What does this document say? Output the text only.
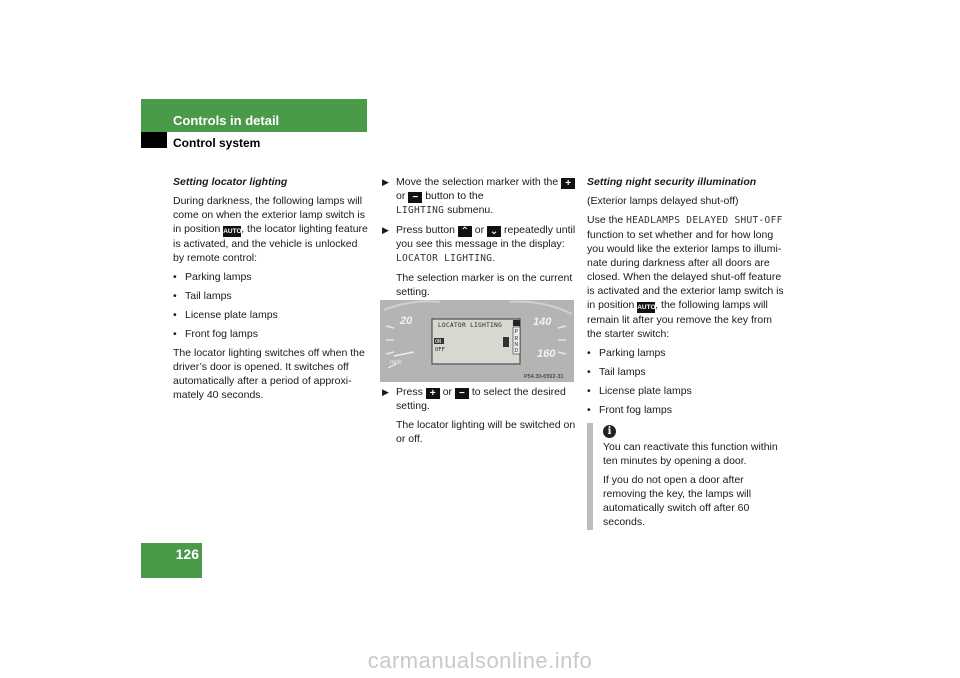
Controls in detail
Control system
126

Setting locator lighting

During darkness, the following lamps will come on when the exterior lamp switch is in position AUTO, the locator lighting feature is activated, and the vehicle is unlocked by remote control:

• Parking lamps
• Tail lamps
• License plate lamps
• Front fog lamps

The locator lighting switches off when the driver’s door is opened. It switches off automatically after a period of approxi-mately 40 seconds.

▶ Move the selection marker with the + or − button to the
LIGHTING submenu.
▶ Press button ⌃ or ⌄ repeatedly until you see this message in the display: LOCATOR LIGHTING.

The selection marker is on the current setting.

20	140
160
mph
LOCATOR LIGHTING
ON
OFF
P
R
N
D
P54.30-6592-31
▶ Press + or − to select the desired setting.

The locator lighting will be switched on or off.

Setting night security illumination

(Exterior lamps delayed shut-off)

Use the HEADLAMPS DELAYED SHUT-OFF function to set whether and for how long you would like the exterior lamps to illumi-nate during darkness after all doors are closed. When the delayed shut-off feature is activated and the exterior lamp switch is in position AUTO, the following lamps will remain lit after you remove the key from the starter switch:

• Parking lamps
• Tail lamps
• License plate lamps
• Front fog lamps
i

You can reactivate this function within ten minutes by opening a door.

If you do not open a door after removing the key, the lamps will automatically switch off after 60 seconds.

carmanualsonline.info
